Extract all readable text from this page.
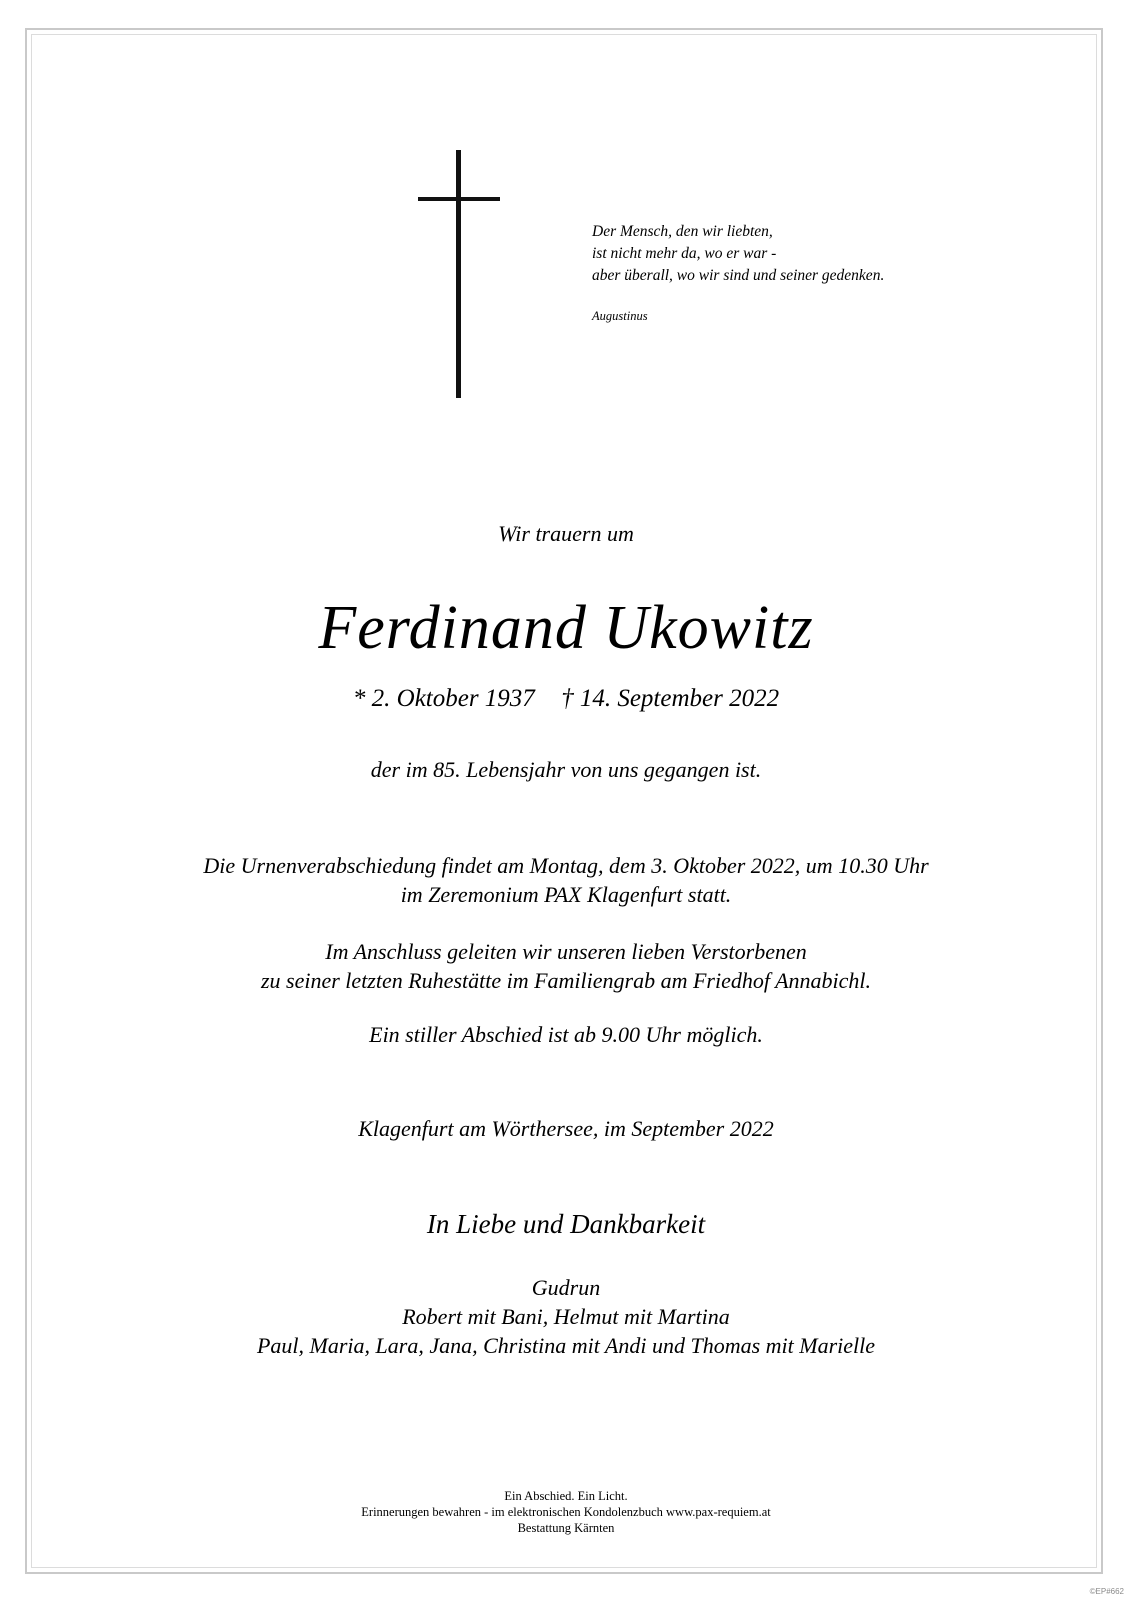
Der Mensch, den wir liebten,
ist nicht mehr da, wo er war -
aber überall, wo wir sind und seiner gedenken.
Augustinus
Wir trauern um
Ferdinand Ukowitz
* 2. Oktober 1937 † 14. September 2022
der im 85. Lebensjahr von uns gegangen ist.
Die Urnenverabschiedung findet am Montag, dem 3. Oktober 2022, um 10.30 Uhr
im Zeremonium PAX Klagenfurt statt.
Im Anschluss geleiten wir unseren lieben Verstorbenen
zu seiner letzten Ruhestätte im Familiengrab am Friedhof Annabichl.
Ein stiller Abschied ist ab 9.00 Uhr möglich.
Klagenfurt am Wörthersee, im September 2022
In Liebe und Dankbarkeit
Gudrun
Robert mit Bani, Helmut mit Martina
Paul, Maria, Lara, Jana, Christina mit Andi und Thomas mit Marielle
Ein Abschied. Ein Licht.
Erinnerungen bewahren - im elektronischen Kondolenzbuch www.pax-requiem.at
Bestattung Kärnten
©EP#662
